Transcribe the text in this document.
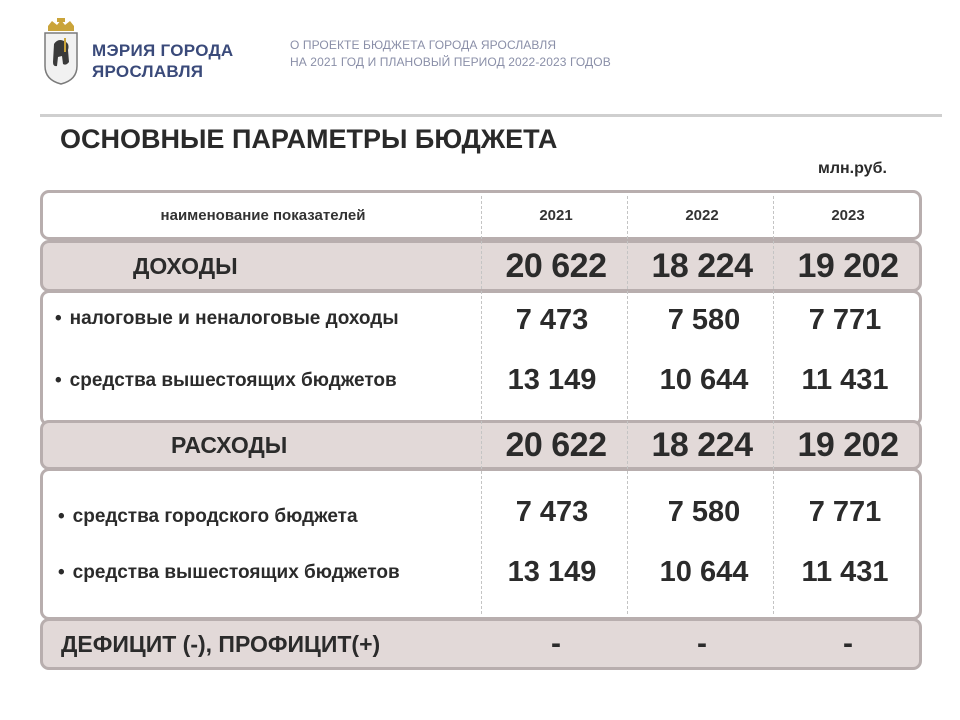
МЭРИЯ ГОРОДА
ЯРОСЛАВЛЯ
О ПРОЕКТЕ БЮДЖЕТА ГОРОДА ЯРОСЛАВЛЯ
НА 2021 ГОД И ПЛАНОВЫЙ ПЕРИОД 2022-2023 ГОДОВ
ОСНОВНЫЕ ПАРАМЕТРЫ БЮДЖЕТА
млн.руб.
наименование показателей	2021	2022	2023
ДОХОДЫ	20 622	18 224	19 202
• налоговые и неналоговые доходы	7 473	7 580	7 771
• средства вышестоящих бюджетов	13 149	10 644	11 431
РАСХОДЫ	20 622	18 224	19 202
• средства городского бюджета	7 473	7 580	7 771
• средства вышестоящих бюджетов	13 149	10 644	11 431
ДЕФИЦИТ (-), ПРОФИЦИТ(+)	-	-	-
